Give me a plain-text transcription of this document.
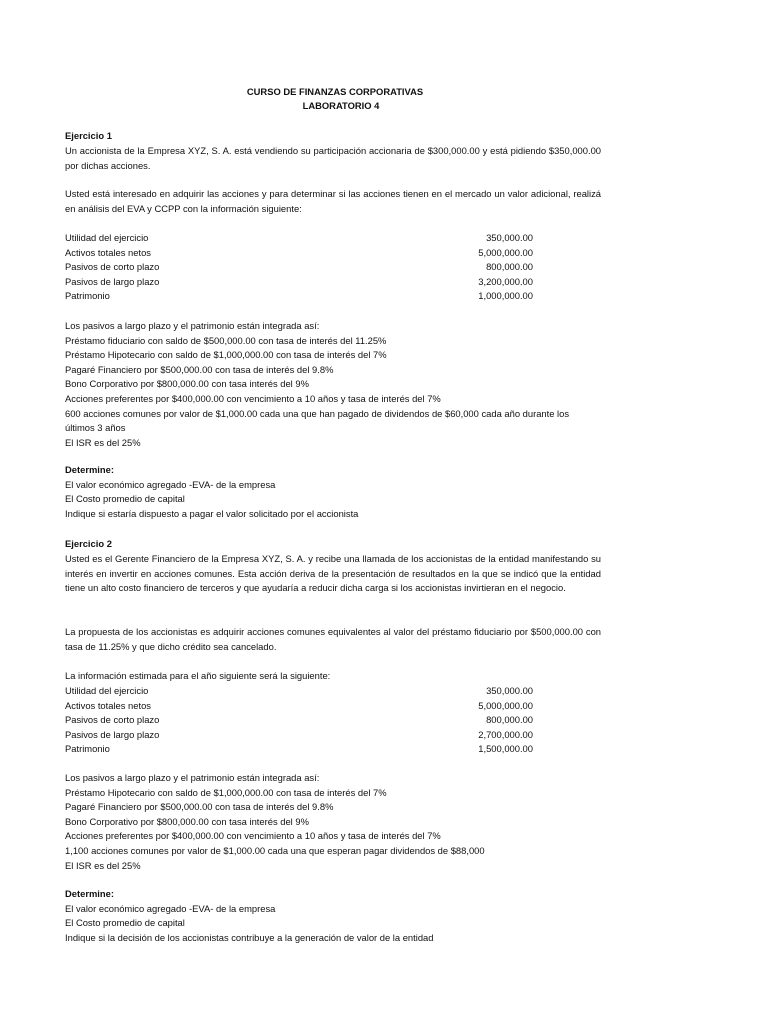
CURSO DE FINANZAS CORPORATIVAS
LABORATORIO 4
Ejercicio 1
Un accionista de la Empresa XYZ, S. A. está vendiendo su participación accionaria de $300,000.00 y está pidiendo $350,000.00 por dichas acciones.
Usted está interesado en adquirir las acciones y para determinar si las acciones tienen en el mercado un valor adicional, realizá en análisis del EVA y CCPP con la información siguiente:
Utilidad del ejercicio	350,000.00
Activos totales netos	5,000,000.00
Pasivos de corto plazo	800,000.00
Pasivos de largo plazo	3,200,000.00
Patrimonio	1,000,000.00
Los pasivos a largo plazo y el patrimonio están integrada así:
Préstamo fiduciario con saldo de $500,000.00 con tasa de interés del 11.25%
Préstamo Hipotecario con saldo de $1,000,000.00 con tasa de interés del 7%
Pagaré Financiero por $500,000.00 con tasa de interés del 9.8%
Bono Corporativo por $800,000.00 con tasa interés del 9%
Acciones preferentes por $400,000.00 con vencimiento a 10 años y tasa de interés del 7%
600 acciones comunes por valor de $1,000.00 cada una que han pagado de dividendos de $60,000 cada año durante los
últimos 3 años
El ISR es del 25%
Determine:
El valor económico agregado -EVA- de la empresa
El Costo promedio de capital
Indique si estaría dispuesto a pagar el valor solicitado por el accionista
Ejercicio 2
Usted es el Gerente Financiero de la Empresa XYZ, S. A. y recibe una llamada de los accionistas de la entidad manifestando su interés en invertir en acciones comunes. Esta acción deriva de la presentación de resultados en la que se indicó que la entidad tiene un alto costo financiero de terceros y que ayudaría a reducir dicha carga si los accionistas invirtieran en el negocio.
La propuesta de los accionistas es adquirir acciones comunes equivalentes al valor del préstamo fiduciario por $500,000.00 con tasa de 11.25% y que dicho crédito sea cancelado.
La información estimada para el año siguiente será la siguiente:
Utilidad del ejercicio	350,000.00
Activos totales netos	5,000,000.00
Pasivos de corto plazo	800,000.00
Pasivos de largo plazo	2,700,000.00
Patrimonio	1,500,000.00
Los pasivos a largo plazo y el patrimonio están integrada así:
Préstamo Hipotecario con saldo de $1,000,000.00 con tasa de interés del 7%
Pagaré Financiero por $500,000.00 con tasa de interés del 9.8%
Bono Corporativo por $800,000.00 con tasa interés del 9%
Acciones preferentes por $400,000.00 con vencimiento a 10 años y tasa de interés del 7%
1,100 acciones comunes por valor de $1,000.00 cada una que esperan pagar dividendos de $88,000
El ISR es del 25%
Determine:
El valor económico agregado -EVA- de la empresa
El Costo promedio de capital
Indique si la decisión de los accionistas contribuye a la generación de valor de la entidad
